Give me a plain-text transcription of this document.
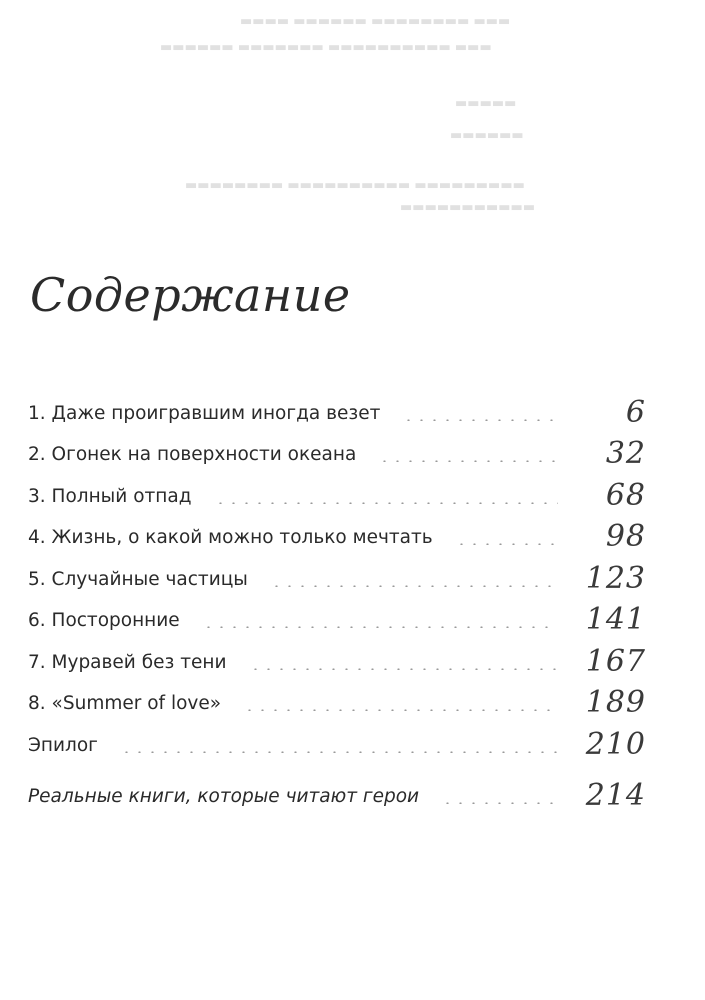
▬▬▬▬ ▬▬▬▬▬▬ ▬▬▬▬▬▬▬▬ ▬▬▬
▬▬▬▬▬▬ ▬▬▬▬▬▬▬ ▬▬▬▬▬▬▬▬▬▬ ▬▬▬
▬▬▬▬▬
▬▬▬▬▬▬
▬▬▬▬▬▬▬▬ ▬▬▬▬▬▬▬▬▬▬ ▬▬▬▬▬▬▬▬▬
▬▬▬▬▬▬▬▬▬▬▬
Содержание
1. Даже проигравшим иногда везет	6
2. Огонек на поверхности океана	32
3. Полный отпад	68
4. Жизнь, о какой можно только мечтать	98
5. Случайные частицы	123
6. Посторонние	141
7. Муравей без тени	167
8. «Summer of love»	189
Эпилог	210
Реальные книги, которые читают герои	214
